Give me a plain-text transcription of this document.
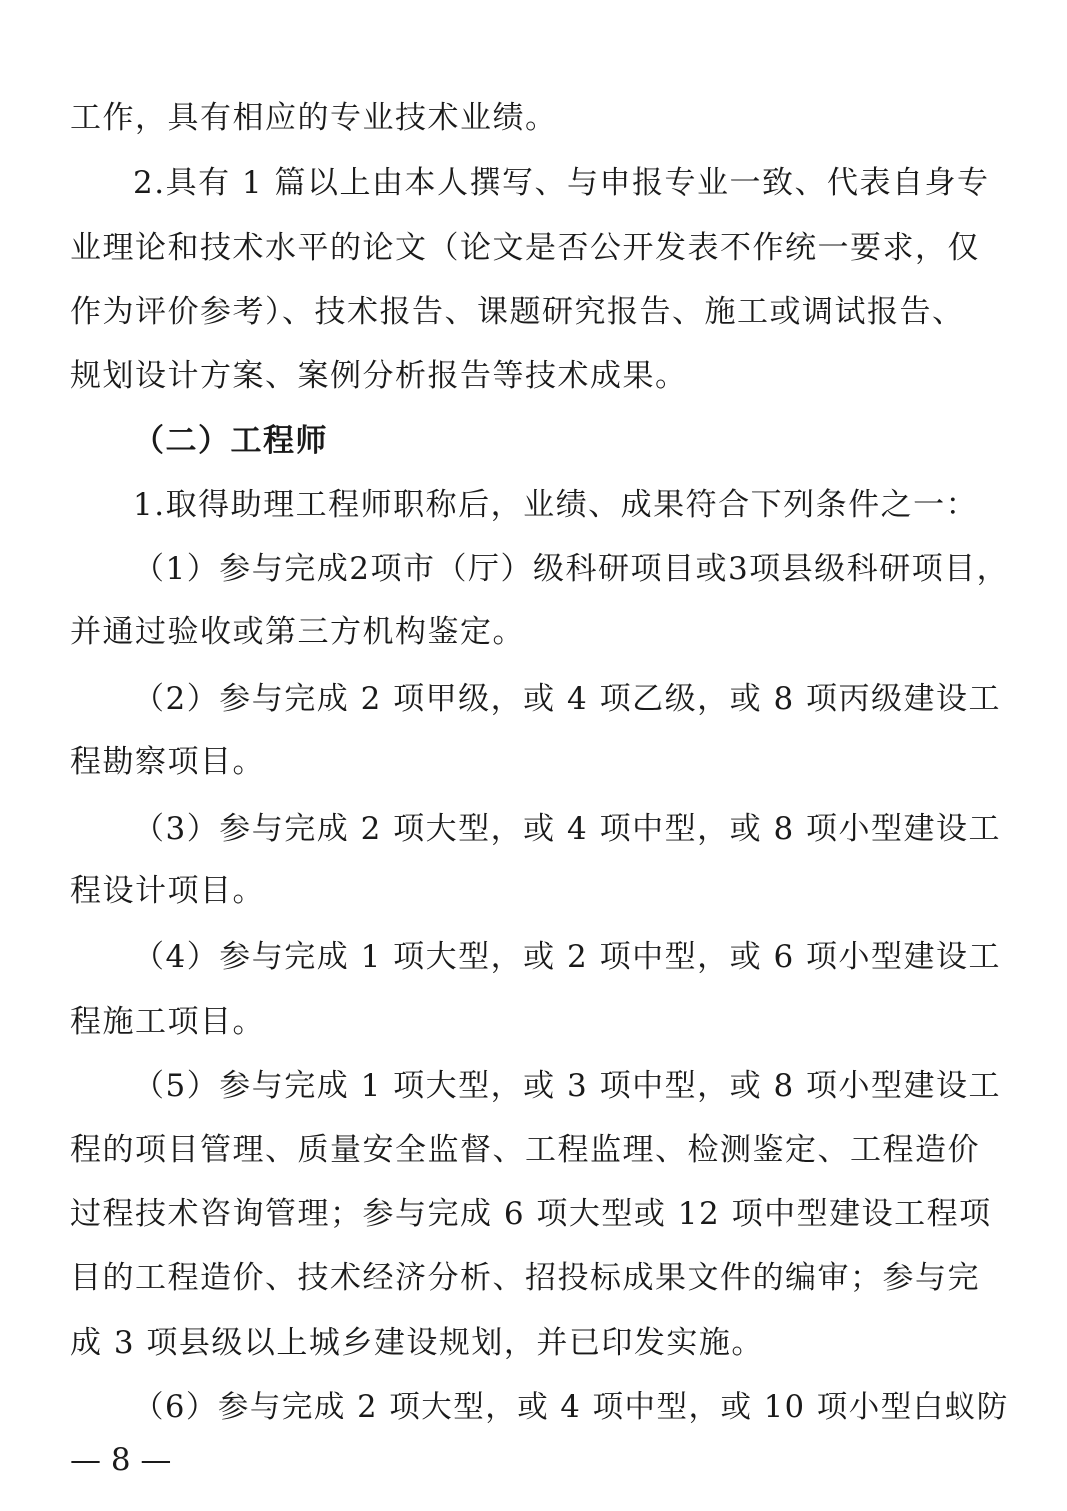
工作，具有相应的专业技术业绩。
2.具有 1 篇以上由本人撰写、与申报专业一致、代表自身专
业理论和技术水平的论文（论文是否公开发表不作统一要求，仅
作为评价参考）、技术报告、课题研究报告、施工或调试报告、
规划设计方案、案例分析报告等技术成果。
（二）工程师
1.取得助理工程师职称后，业绩、成果符合下列条件之一：
（1）参与完成2项市（厅）级科研项目或3项县级科研项目，
并通过验收或第三方机构鉴定。
（2）参与完成 2 项甲级，或 4 项乙级，或 8 项丙级建设工
程勘察项目。
（3）参与完成 2 项大型，或 4 项中型，或 8 项小型建设工
程设计项目。
（4）参与完成 1 项大型，或 2 项中型，或 6 项小型建设工
程施工项目。
（5）参与完成 1 项大型，或 3 项中型，或 8 项小型建设工
程的项目管理、质量安全监督、工程监理、检测鉴定、工程造价
过程技术咨询管理；参与完成 6 项大型或 12 项中型建设工程项
目的工程造价、技术经济分析、招投标成果文件的编审；参与完
成 3 项县级以上城乡建设规划，并已印发实施。
（6）参与完成 2 项大型，或 4 项中型，或 10 项小型白蚁防
— 8 —
